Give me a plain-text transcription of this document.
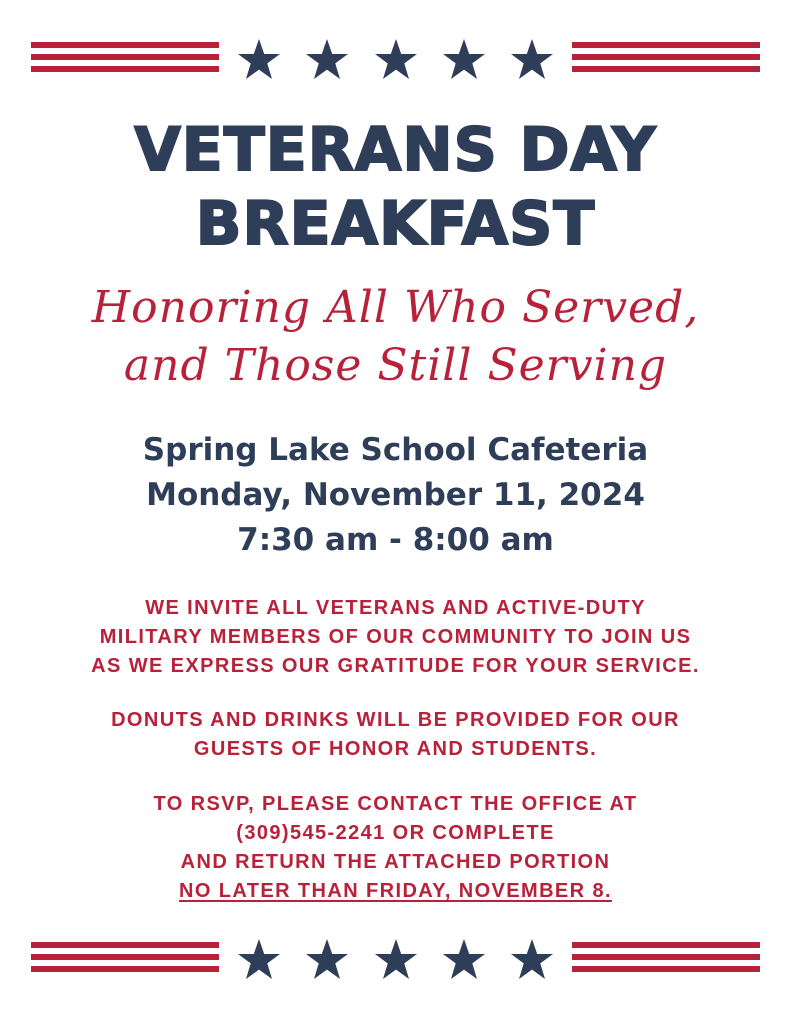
VETERANS DAY
BREAKFAST

Honoring All Who Served,

and Those Still Serving

Spring Lake School Cafeteria

Monday, November 11, 2024

7:30 am - 8:00 am

WE INVITE ALL VETERANS AND ACTIVE-DUTY

MILITARY MEMBERS OF OUR COMMUNITY TO JOIN US

AS WE EXPRESS OUR GRATITUDE FOR YOUR SERVICE.

DONUTS AND DRINKS WILL BE PROVIDED FOR OUR

GUESTS OF HONOR AND STUDENTS.

TO RSVP, PLEASE CONTACT THE OFFICE AT

(309)545-2241 OR COMPLETE

AND RETURN THE ATTACHED PORTION

NO LATER THAN FRIDAY, NOVEMBER 8.
